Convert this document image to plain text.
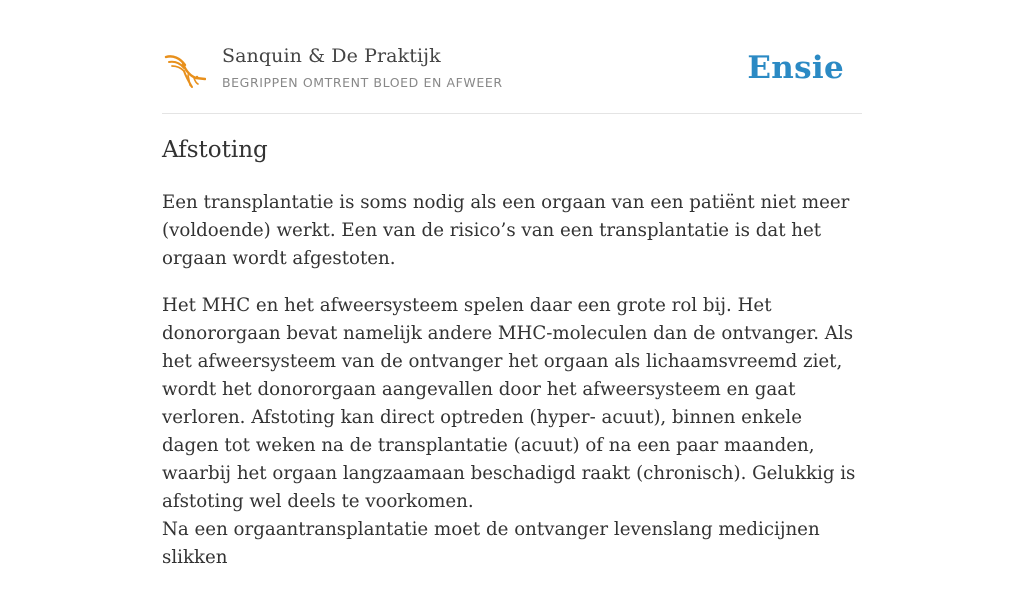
Sanquin & De Praktijk
BEGRIPPEN OMTRENT BLOED EN AFWEER	Ensie
Afstoting

Een transplantatie is soms nodig als een orgaan van een patiënt niet meer (voldoende) werkt. Een van de risico’s van een transplantatie is dat het orgaan wordt afgestoten.

Het MHC en het afweersysteem spelen daar een grote rol bij. Het donororgaan bevat namelijk andere MHC-moleculen dan de ontvanger. Als het afweersysteem van de ontvanger het orgaan als lichaamsvreemd ziet, wordt het donororgaan aangevallen door het afweersysteem en gaat verloren. Afstoting kan direct optreden (hyper- acuut), binnen enkele dagen tot weken na de transplantatie (acuut) of na een paar maanden, waarbij het orgaan langzaamaan beschadigd raakt (chronisch). Gelukkig is afstoting wel deels te voorkomen.

Na een orgaantransplantatie moet de ontvanger levenslang medicijnen slikken
